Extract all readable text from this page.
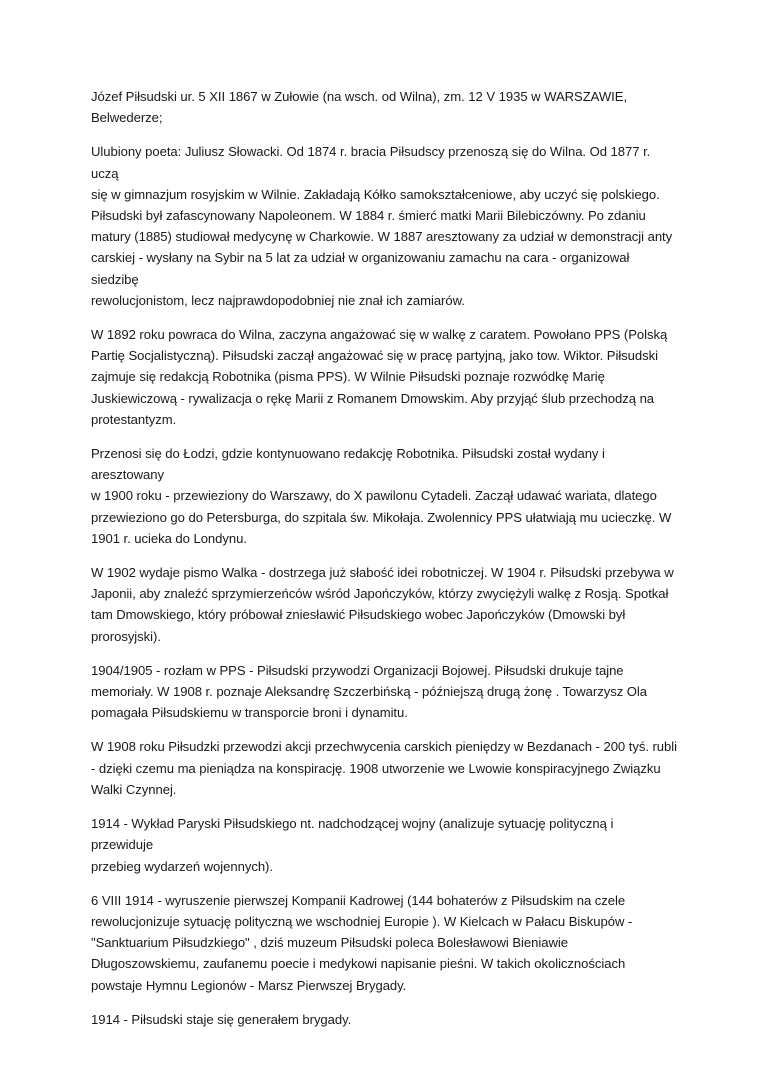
Józef Piłsudski ur. 5 XII 1867 w Zułowie (na wsch. od Wilna), zm. 12 V 1935 w WARSZAWIE,
Belwederze;

Ulubiony poeta: Juliusz Słowacki. Od 1874 r. bracia Piłsudscy przenoszą się do Wilna. Od 1877 r. uczą
się w gimnazjum rosyjskim w Wilnie. Zakładają Kółko samokształceniowe, aby uczyć się polskiego.
Piłsudski był zafascynowany Napoleonem. W 1884 r. śmierć matki Marii Bilebiczówny. Po zdaniu
matury (1885) studiował medycynę w Charkowie. W 1887 aresztowany za udział w demonstracji anty
carskiej - wysłany na Sybir na 5 lat za udział w organizowaniu zamachu na cara - organizował siedzibę
rewolucjonistom, lecz najprawdopodobniej nie znał ich zamiarów.

W 1892 roku powraca do Wilna, zaczyna angażować się w walkę z caratem. Powołano PPS (Polską
Partię Socjalistyczną). Piłsudski zaczął angażować się w pracę partyjną, jako tow. Wiktor. Piłsudski
zajmuje się redakcją Robotnika (pisma PPS). W Wilnie Piłsudski poznaje rozwódkę Marię
Juskiewiczową - rywalizacja o rękę Marii z Romanem Dmowskim. Aby przyjąć ślub przechodzą na
protestantyzm.

Przenosi się do Łodzi, gdzie kontynuowano redakcję Robotnika. Piłsudski został wydany i aresztowany
w 1900 roku - przewieziony do Warszawy, do X pawilonu Cytadeli. Zaczął udawać wariata, dlatego
przewieziono go do Petersburga, do szpitala św. Mikołaja. Zwolennicy PPS ułatwiają mu ucieczkę. W
1901 r. ucieka do Londynu.

W 1902 wydaje pismo Walka - dostrzega już słabość idei robotniczej. W 1904 r. Piłsudski przebywa w
Japonii, aby znaleźć sprzymierzeńców wśród Japończyków, którzy zwyciężyli walkę z Rosją. Spotkał
tam Dmowskiego, który próbował zniesławić Piłsudskiego wobec Japończyków (Dmowski był
prorosyjski).

1904/1905 - rozłam w PPS - Piłsudski przywodzi Organizacji Bojowej. Piłsudski drukuje tajne
memoriały. W 1908 r. poznaje Aleksandrę Szczerbińską - późniejszą drugą żonę . Towarzysz Ola
pomagała Piłsudskiemu w transporcie broni i dynamitu.

W 1908 roku Piłsudzki przewodzi akcji przechwycenia carskich pieniędzy w Bezdanach - 200 tyś. rubli
- dzięki czemu ma pieniądza na konspirację. 1908 utworzenie we Lwowie konspiracyjnego Związku
Walki Czynnej.

1914 - Wykład Paryski Piłsudskiego nt. nadchodzącej wojny (analizuje sytuację polityczną i przewiduje
przebieg wydarzeń wojennych).

6 VIII 1914 - wyruszenie pierwszej Kompanii Kadrowej (144 bohaterów z Piłsudskim na czele
rewolucjonizuje sytuację polityczną we wschodniej Europie ). W Kielcach w Pałacu Biskupów -
"Sanktuarium Piłsudzkiego" , dziś muzeum Piłsudski poleca Bolesławowi Bieniawie
Długoszowskiemu, zaufanemu poecie i medykowi napisanie pieśni. W takich okolicznościach
powstaje Hymnu Legionów - Marsz Pierwszej Brygady.

1914 - Piłsudski staje się generałem brygady.
